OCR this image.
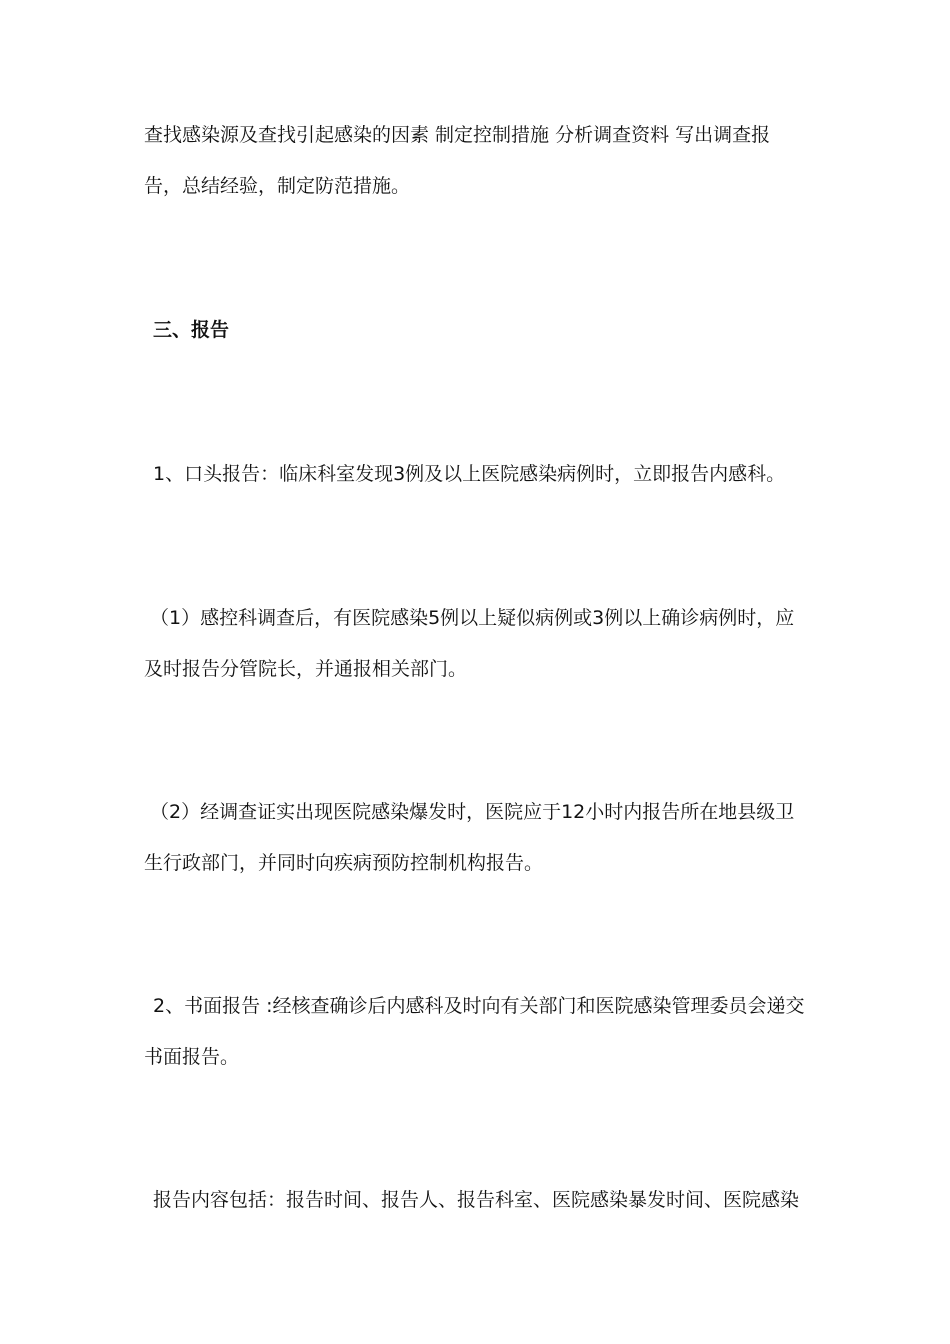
查找感染源及查找引起感染的因素 制定控制措施 分析调查资料 写出调查报
告，总结经验，制定防范措施。
三、报告
1、口头报告：临床科室发现3例及以上医院感染病例时，立即报告内感科。
（1）感控科调查后，有医院感染5例以上疑似病例或3例以上确诊病例时，应
及时报告分管院长，并通报相关部门。
（2）经调查证实出现医院感染爆发时，医院应于12小时内报告所在地县级卫
生行政部门，并同时向疾病预防控制机构报告。
2、书面报告 :经核查确诊后内感科及时向有关部门和医院感染管理委员会递交
书面报告。
报告内容包括：报告时间、报告人、报告科室、医院感染暴发时间、医院感染
